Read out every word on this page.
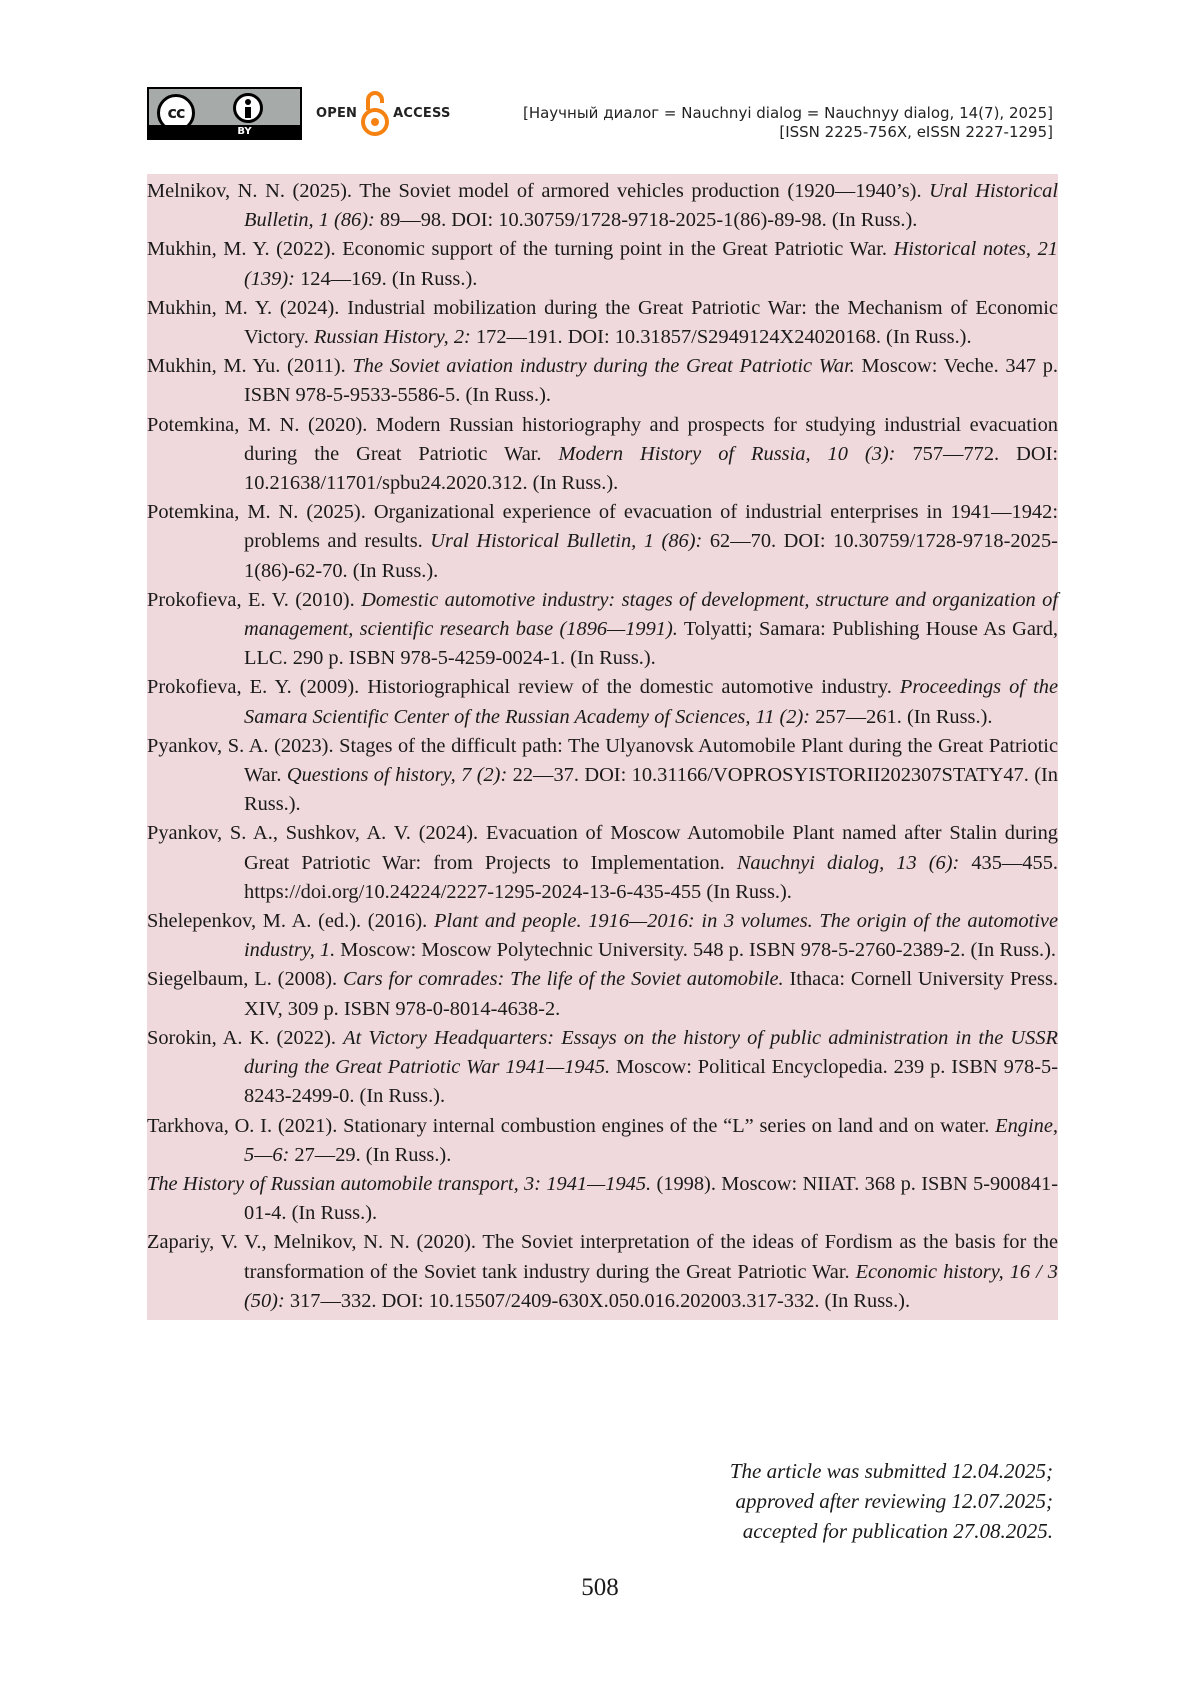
cc
BY
OPEN	ACCESS	[Научный диалог = Nauchnyi dialog = Nauchnyy dialog, 14(7), 2025]
[ISSN 2225-756X, eISSN 2227-1295]

Melnikov, N. N. (2025). The Soviet model of armored vehicles production (1920—1940’s). Ural Historical Bulletin, 1 (86): 89—98. DOI: 10.30759/1728-9718-2025-1(86)-89-98. (In Russ.).

Mukhin, M. Y. (2022). Economic support of the turning point in the Great Patriotic War. Historical notes, 21 (139): 124—169. (In Russ.).

Mukhin, M. Y. (2024). Industrial mobilization during the Great Patriotic War: the Mechanism of Economic Victory. Russian History, 2: 172—191. DOI: 10.31857/S2949124X24020168. (In Russ.).

Mukhin, M. Yu. (2011). The Soviet aviation industry during the Great Patriotic War. Moscow: Veche. 347 p. ISBN 978-5-9533-5586-5. (In Russ.).

Potemkina, M. N. (2020). Modern Russian historiography and prospects for studying industrial evacuation during the Great Patriotic War. Modern History of Russia, 10 (3): 757—772. DOI: 10.21638/11701/spbu24.2020.312. (In Russ.).

Potemkina, M. N. (2025). Organizational experience of evacuation of industrial enterprises in 1941—1942: problems and results. Ural Historical Bulletin, 1 (86): 62—70. DOI: 10.30759/1728-9718-2025-1(86)-62-70. (In Russ.).

Prokofieva, E. V. (2010). Domestic automotive industry: stages of development, structure and organization of management, scientific research base (1896—1991). Tolyatti; Samara: Publishing House As Gard, LLC. 290 p. ISBN 978-5-4259-0024-1. (In Russ.).

Prokofieva, E. Y. (2009). Historiographical review of the domestic automotive industry. Proceedings of the Samara Scientific Center of the Russian Academy of Sciences, 11 (2): 257—261. (In Russ.).

Pyankov, S. A. (2023). Stages of the difficult path: The Ulyanovsk Automobile Plant during the Great Patriotic War. Questions of history, 7 (2): 22—37. DOI: 10.31166/VOPROSYISTORII202307STATY47. (In Russ.).

Pyankov, S. A., Sushkov, A. V. (2024). Evacuation of Moscow Automobile Plant named after Stalin during Great Patriotic War: from Projects to Implementation. Nauchnyi dialog, 13 (6): 435—455. https://doi.org/10.24224/2227-1295-2024-13-6-435-455 (In Russ.).

Shelepenkov, M. A. (ed.). (2016). Plant and people. 1916—2016: in 3 volumes. The origin of the automotive industry, 1. Moscow: Moscow Polytechnic University. 548 p. ISBN 978-5-2760-2389-2. (In Russ.).

Siegelbaum, L. (2008). Cars for comrades: The life of the Soviet automobile. Ithaca: Cornell University Press. XIV, 309 p. ISBN 978-0-8014-4638-2.

Sorokin, A. K. (2022). At Victory Headquarters: Essays on the history of public administration in the USSR during the Great Patriotic War 1941—1945. Moscow: Political Encyclopedia. 239 p. ISBN 978-5-8243-2499-0. (In Russ.).

Tarkhova, O. I. (2021). Stationary internal combustion engines of the “L” series on land and on water. Engine, 5—6: 27—29. (In Russ.).

The History of Russian automobile transport, 3: 1941—1945. (1998). Moscow: NIIAT. 368 p. ISBN 5-900841-01-4. (In Russ.).

Zapariy, V. V., Melnikov, N. N. (2020). The Soviet interpretation of the ideas of Fordism as the basis for the transformation of the Soviet tank industry during the Great Patriotic War. Economic history, 16 / 3 (50): 317—332. DOI: 10.15507/2409-630X.050.016.202003.317-332. (In Russ.).

The article was submitted 12.04.2025;
approved after reviewing 12.07.2025;
accepted for publication 27.08.2025.
508
